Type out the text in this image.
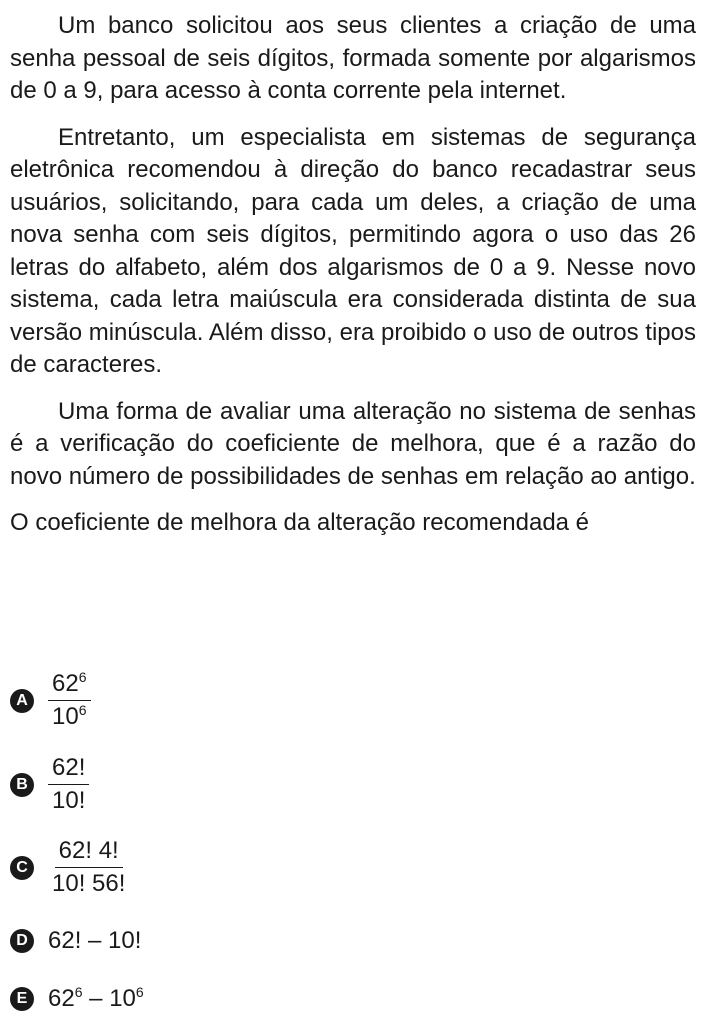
Um banco solicitou aos seus clientes a criação de uma senha pessoal de seis dígitos, formada somente por algarismos de 0 a 9, para acesso à conta corrente pela internet.

Entretanto, um especialista em sistemas de segurança eletrônica recomendou à direção do banco recadastrar seus usuários, solicitando, para cada um deles, a criação de uma nova senha com seis dígitos, permitindo agora o uso das 26 letras do alfabeto, além dos algarismos de 0 a 9. Nesse novo sistema, cada letra maiúscula era considerada distinta de sua versão minúscula. Além disso, era proibido o uso de outros tipos de caracteres.

Uma forma de avaliar uma alteração no sistema de senhas é a verificação do coeficiente de melhora, que é a razão do novo número de possibilidades de senhas em relação ao antigo.

O coeficiente de melhora da alteração recomendada é

A $\frac{62^6}{10^6}$
B $\frac{62!}{10!}$
C $\frac{62! 4!}{10! 56!}$
D 62! – 10!
E $62^6 - 10^6$
